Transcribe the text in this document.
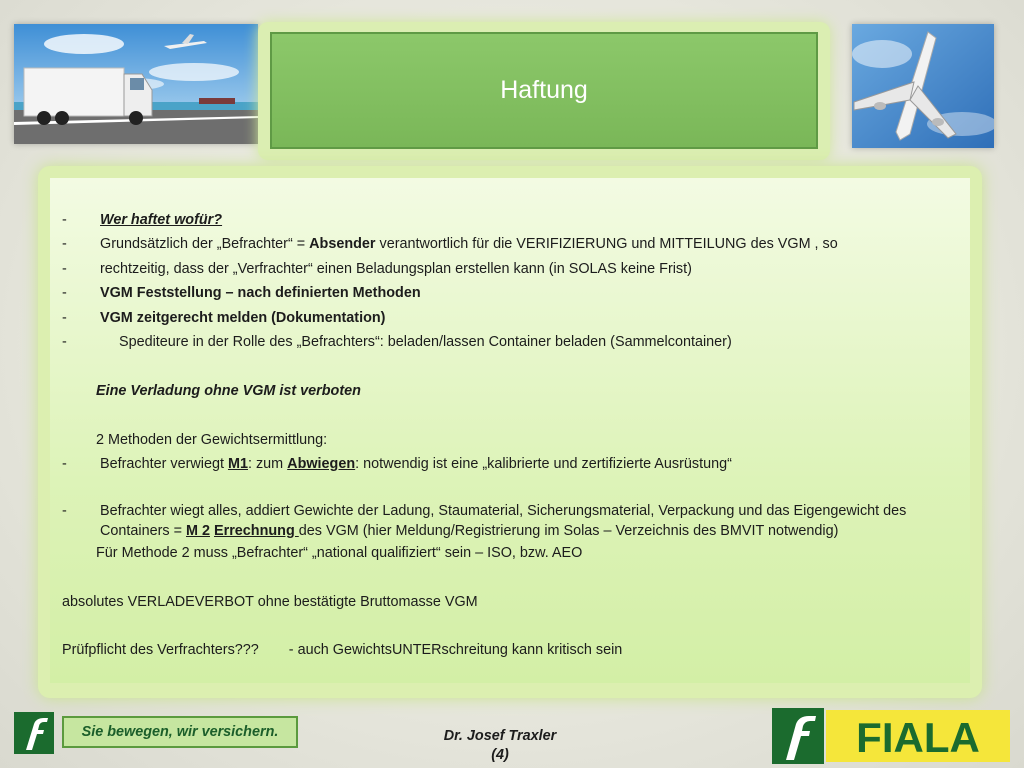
Haftung
- Wer haftet wofür?
- Grundsätzlich der „Befrachter“ = Absender verantwortlich für die VERIFIZIERUNG und MITTEILUNG des VGM , so
- rechtzeitig, dass der „Verfrachter“ einen Beladungsplan erstellen kann (in SOLAS keine Frist)
- VGM Feststellung – nach definierten Methoden
- VGM zeitgerecht melden (Dokumentation)
-	Spediteure in der Rolle des „Befrachters“: beladen/lassen Container beladen (Sammelcontainer)
Eine Verladung ohne VGM ist verboten
2 Methoden der Gewichtsermittlung:
- Befrachter verwiegt M1: zum Abwiegen: notwendig ist eine „kalibrierte und zertifizierte Ausrüstung“
- Befrachter wiegt alles, addiert Gewichte der Ladung, Staumaterial, Sicherungsmaterial, Verpackung und das Eigengewicht des Containers = M 2 Errechnung des VGM (hier Meldung/Registrierung im Solas – Verzeichnis des BMVIT notwendig)
Für Methode 2 muss „Befrachter“ „national qualifiziert“ sein – ISO, bzw. AEO
absolutes VERLADEVERBOT ohne bestätigte Bruttomasse VGM
Prüfpflicht des Verfrachters??? - auch GewichtsUNTERschreitung kann kritisch sein
Sie bewegen, wir versichern.	Dr. Josef Traxler
(4)	FIALA
